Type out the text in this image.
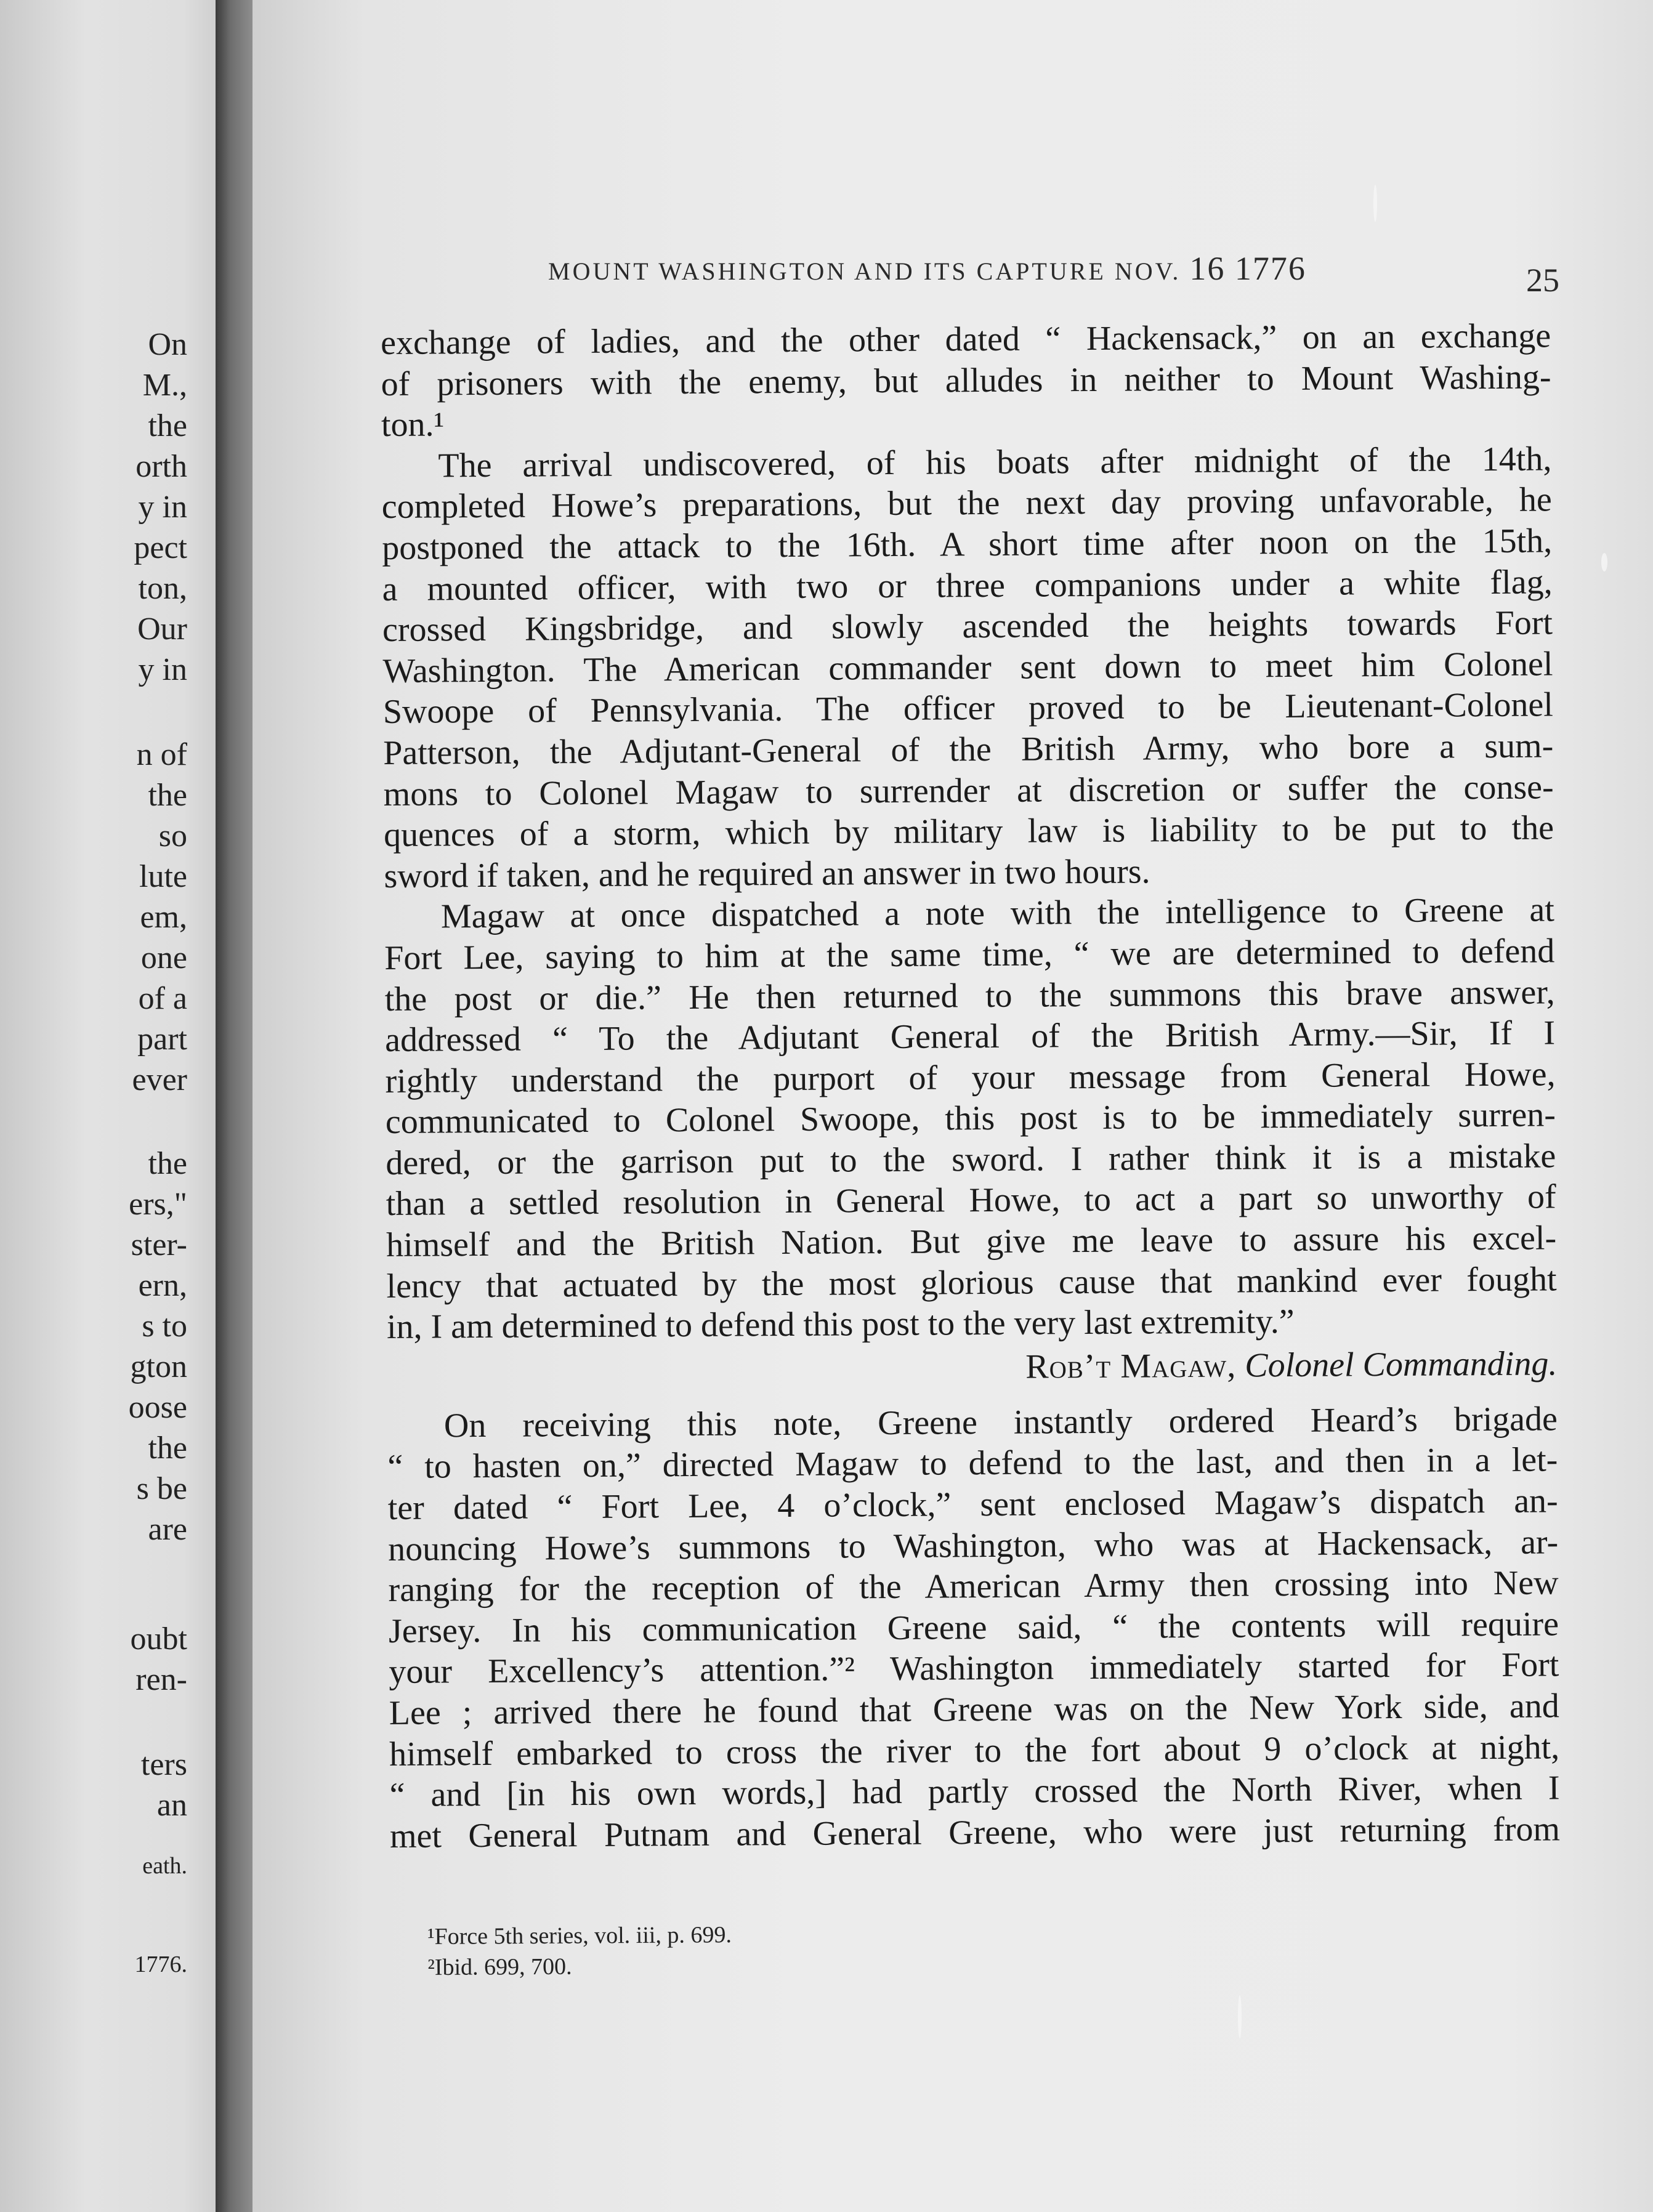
On

M.,

the

orth

y in

pect

ton,

Our

y in

n of

the

so

lute

em,

one

of a

part

ever

the

ers,"

ster-

ern,

s to

gton

oose

the

s be

are

oubt

ren-

ters

an

eath.

1776.

MOUNT WASHINGTON AND ITS CAPTURE NOV. 16 1776	25

exchange of ladies, and the other dated “ Hackensack,” on an exchange

of prisoners with the enemy, but alludes in neither to Mount Washing-

ton.¹

The arrival undiscovered, of his boats after midnight of the 14th,

completed Howe’s preparations, but the next day proving unfavorable, he

postponed the attack to the 16th. A short time after noon on the 15th,

a mounted officer, with two or three companions under a white flag,

crossed Kingsbridge, and slowly ascended the heights towards Fort

Washington. The American commander sent down to meet him Colonel

Swoope of Pennsylvania. The officer proved to be Lieutenant-Colonel

Patterson, the Adjutant-General of the British Army, who bore a sum-

mons to Colonel Magaw to surrender at discretion or suffer the conse-

quences of a storm, which by military law is liability to be put to the

sword if taken, and he required an answer in two hours.

Magaw at once dispatched a note with the intelligence to Greene at

Fort Lee, saying to him at the same time, “ we are determined to defend

the post or die.” He then returned to the summons this brave answer,

addressed “ To the Adjutant General of the British Army.—Sir, If I

rightly understand the purport of your message from General Howe,

communicated to Colonel Swoope, this post is to be immediately surren-

dered, or the garrison put to the sword. I rather think it is a mistake

than a settled resolution in General Howe, to act a part so unworthy of

himself and the British Nation. But give me leave to assure his excel-

lency that actuated by the most glorious cause that mankind ever fought

in, I am determined to defend this post to the very last extremity.”

Rob’t Magaw, Colonel Commanding.

On receiving this note, Greene instantly ordered Heard’s brigade

“ to hasten on,” directed Magaw to defend to the last, and then in a let-

ter dated “ Fort Lee, 4 o’clock,” sent enclosed Magaw’s dispatch an-

nouncing Howe’s summons to Washington, who was at Hackensack, ar-

ranging for the reception of the American Army then crossing into New

Jersey. In his communication Greene said, “ the contents will require

your Excellency’s attention.”² Washington immediately started for Fort

Lee ; arrived there he found that Greene was on the New York side, and

himself embarked to cross the river to the fort about 9 o’clock at night,

“ and [in his own words,] had partly crossed the North River, when I

met General Putnam and General Greene, who were just returning from

¹Force 5th series, vol. iii, p. 699.

²Ibid. 699, 700.
